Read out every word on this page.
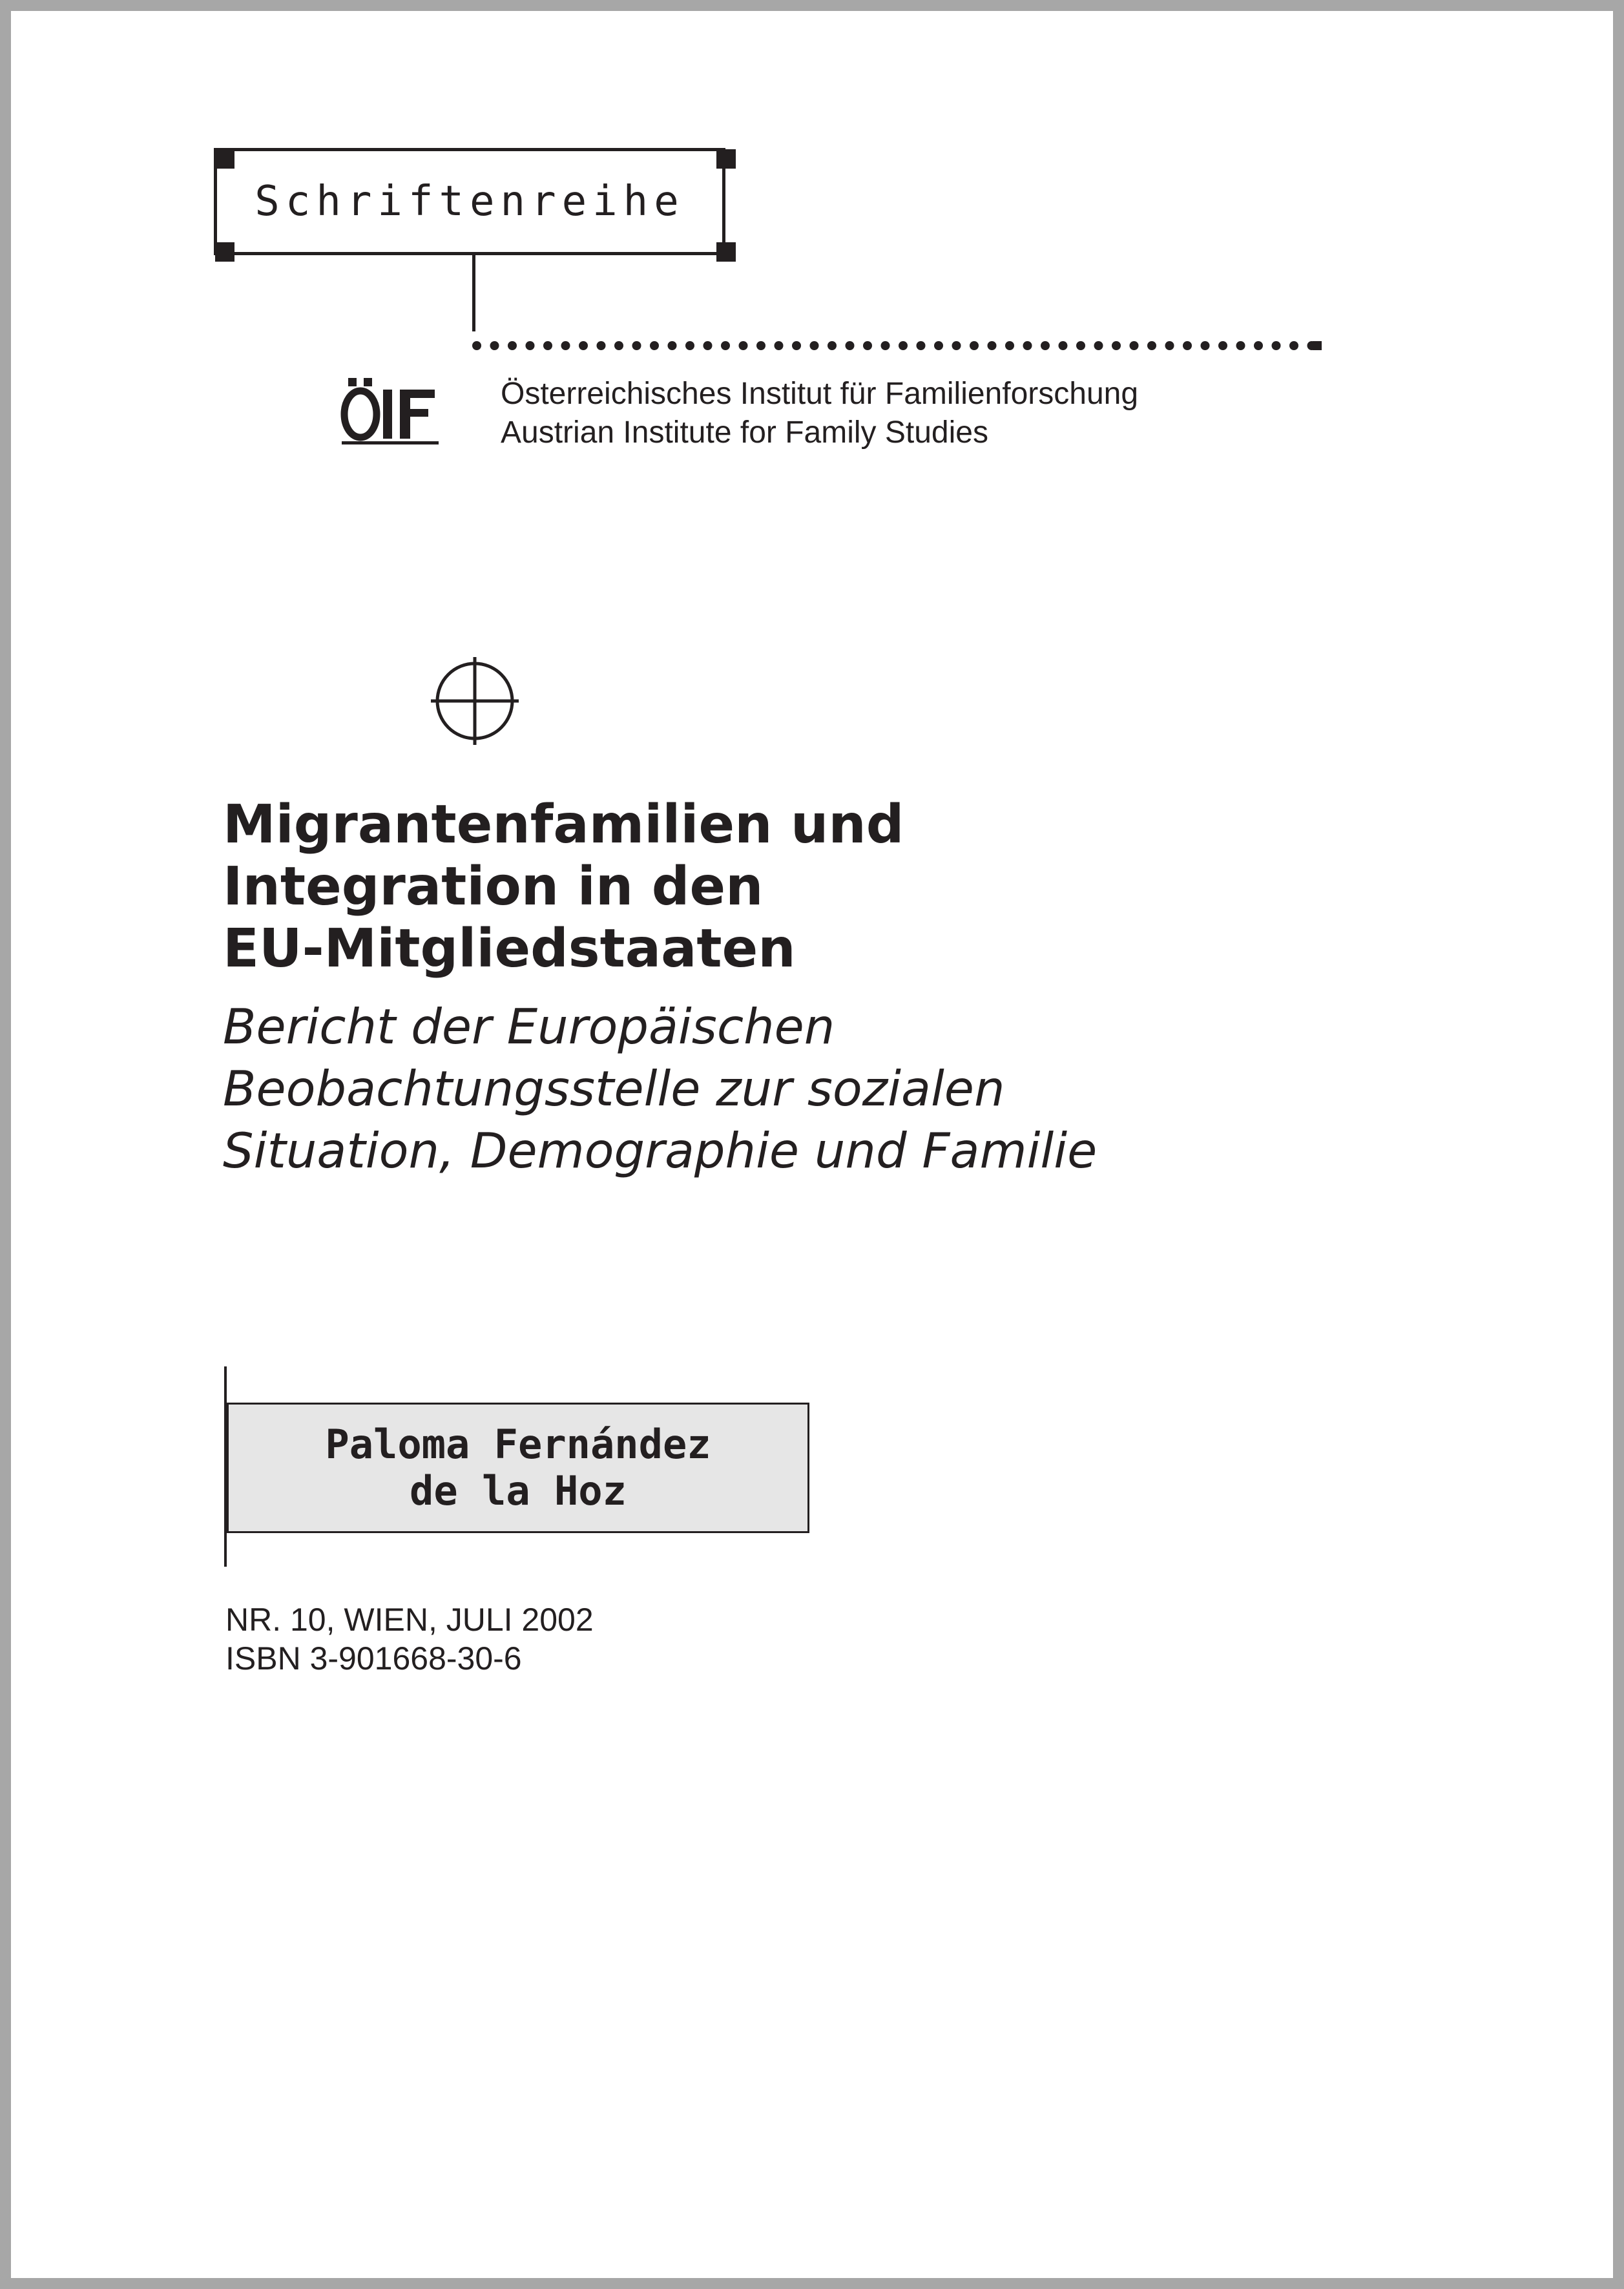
Schriftenreihe
Österreichisches Institut für Familienforschung
Austrian Institute for Family Studies
Migrantenfamilien und
Integration in den
EU-Mitgliedstaaten
Bericht der Europäischen
Beobachtungsstelle zur sozialen
Situation, Demographie und Familie
Paloma Fernández
de la Hoz
NR. 10, WIEN, JULI 2002
ISBN 3-901668-30-6
